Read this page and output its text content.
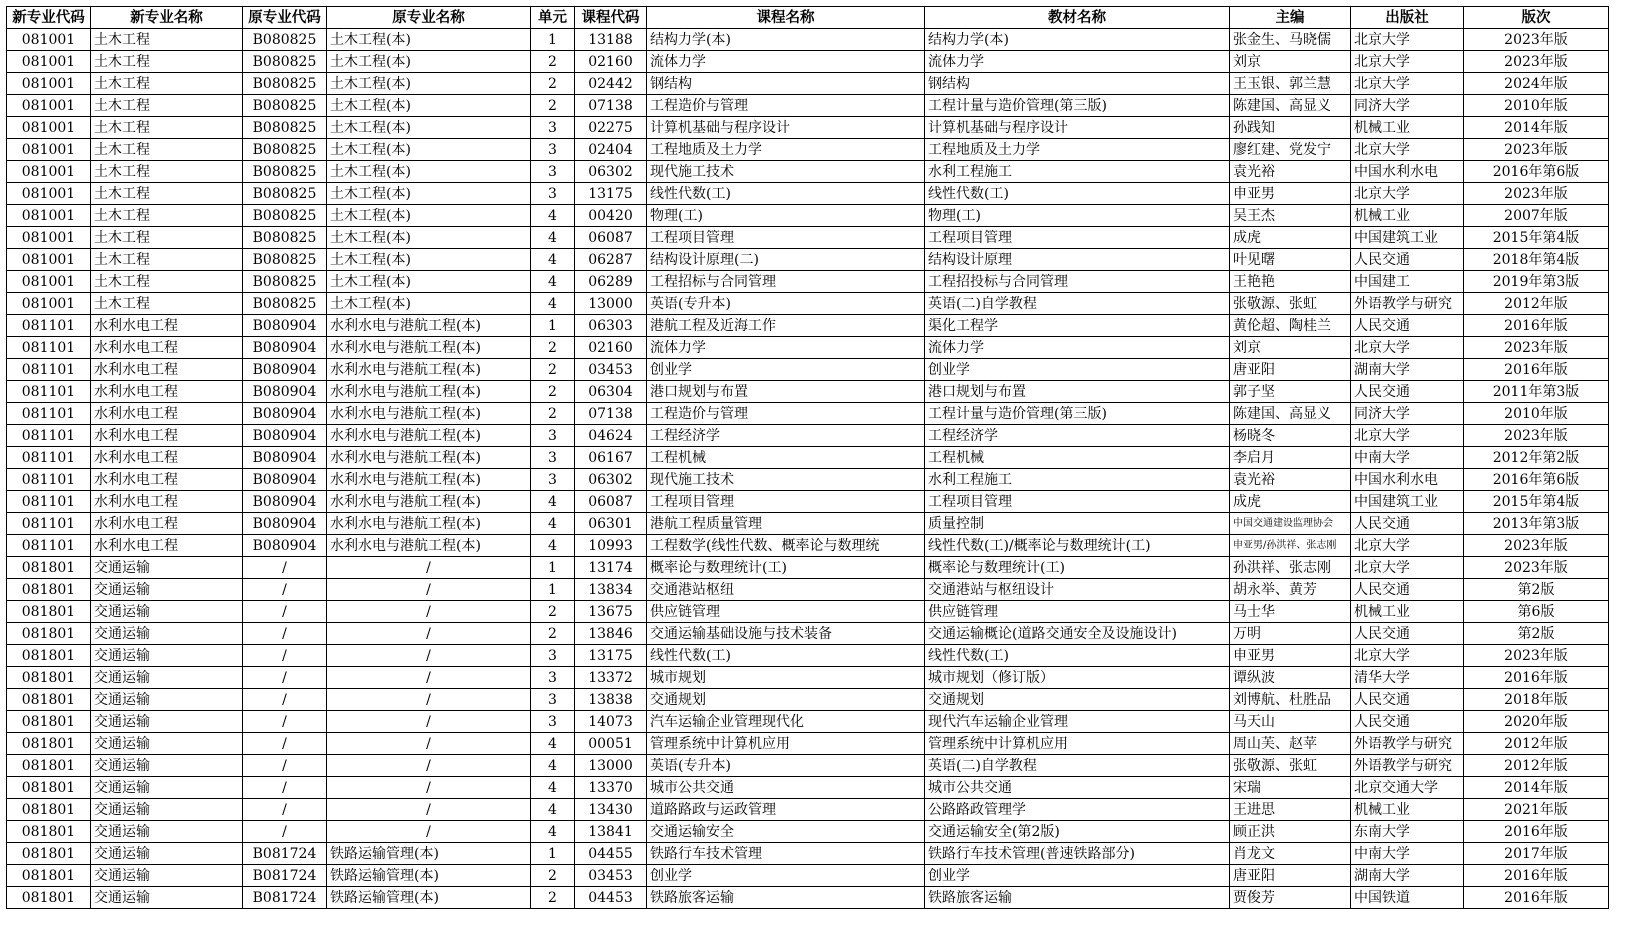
新专业代码	新专业名称	原专业代码	原专业名称	单元	课程代码	课程名称	教材名称	主编	出版社	版次
081001	土木工程	B080825	土木工程(本)	1	13188	结构力学(本)	结构力学(本)	张金生、马晓儒	北京大学	2023年版
081001	土木工程	B080825	土木工程(本)	2	02160	流体力学	流体力学	刘京	北京大学	2023年版
081001	土木工程	B080825	土木工程(本)	2	02442	钢结构	钢结构	王玉银、郭兰慧	北京大学	2024年版
081001	土木工程	B080825	土木工程(本)	2	07138	工程造价与管理	工程计量与造价管理(第三版)	陈建国、高显义	同济大学	2010年版
081001	土木工程	B080825	土木工程(本)	3	02275	计算机基础与程序设计	计算机基础与程序设计	孙践知	机械工业	2014年版
081001	土木工程	B080825	土木工程(本)	3	02404	工程地质及土力学	工程地质及土力学	廖红建、党发宁	北京大学	2023年版
081001	土木工程	B080825	土木工程(本)	3	06302	现代施工技术	水利工程施工	袁光裕	中国水利水电	2016年第6版
081001	土木工程	B080825	土木工程(本)	3	13175	线性代数(工)	线性代数(工)	申亚男	北京大学	2023年版
081001	土木工程	B080825	土木工程(本)	4	00420	物理(工)	物理(工)	吴王杰	机械工业	2007年版
081001	土木工程	B080825	土木工程(本)	4	06087	工程项目管理	工程项目管理	成虎	中国建筑工业	2015年第4版
081001	土木工程	B080825	土木工程(本)	4	06287	结构设计原理(二)	结构设计原理	叶见曙	人民交通	2018年第4版
081001	土木工程	B080825	土木工程(本)	4	06289	工程招标与合同管理	工程招投标与合同管理	王艳艳	中国建工	2019年第3版
081001	土木工程	B080825	土木工程(本)	4	13000	英语(专升本)	英语(二)自学教程	张敬源、张虹	外语教学与研究	2012年版
081101	水利水电工程	B080904	水利水电与港航工程(本)	1	06303	港航工程及近海工作	渠化工程学	黄伦超、陶桂兰	人民交通	2016年版
081101	水利水电工程	B080904	水利水电与港航工程(本)	2	02160	流体力学	流体力学	刘京	北京大学	2023年版
081101	水利水电工程	B080904	水利水电与港航工程(本)	2	03453	创业学	创业学	唐亚阳	湖南大学	2016年版
081101	水利水电工程	B080904	水利水电与港航工程(本)	2	06304	港口规划与布置	港口规划与布置	郭子坚	人民交通	2011年第3版
081101	水利水电工程	B080904	水利水电与港航工程(本)	2	07138	工程造价与管理	工程计量与造价管理(第三版)	陈建国、高显义	同济大学	2010年版
081101	水利水电工程	B080904	水利水电与港航工程(本)	3	04624	工程经济学	工程经济学	杨晓冬	北京大学	2023年版
081101	水利水电工程	B080904	水利水电与港航工程(本)	3	06167	工程机械	工程机械	李启月	中南大学	2012年第2版
081101	水利水电工程	B080904	水利水电与港航工程(本)	3	06302	现代施工技术	水利工程施工	袁光裕	中国水利水电	2016年第6版
081101	水利水电工程	B080904	水利水电与港航工程(本)	4	06087	工程项目管理	工程项目管理	成虎	中国建筑工业	2015年第4版
081101	水利水电工程	B080904	水利水电与港航工程(本)	4	06301	港航工程质量管理	质量控制	中国交通建设监理协会	人民交通	2013年第3版
081101	水利水电工程	B080904	水利水电与港航工程(本)	4	10993	工程数学(线性代数、概率论与数理统	线性代数(工)/概率论与数理统计(工)	申亚男/孙洪祥、张志刚	北京大学	2023年版
081801	交通运输	/	/	1	13174	概率论与数理统计(工)	概率论与数理统计(工)	孙洪祥、张志刚	北京大学	2023年版
081801	交通运输	/	/	1	13834	交通港站枢纽	交通港站与枢纽设计	胡永举、黄芳	人民交通	第2版
081801	交通运输	/	/	2	13675	供应链管理	供应链管理	马士华	机械工业	第6版
081801	交通运输	/	/	2	13846	交通运输基础设施与技术装备	交通运输概论(道路交通安全及设施设计)	万明	人民交通	第2版
081801	交通运输	/	/	3	13175	线性代数(工)	线性代数(工)	申亚男	北京大学	2023年版
081801	交通运输	/	/	3	13372	城市规划	城市规划（修订版）	谭纵波	清华大学	2016年版
081801	交通运输	/	/	3	13838	交通规划	交通规划	刘博航、杜胜品	人民交通	2018年版
081801	交通运输	/	/	3	14073	汽车运输企业管理现代化	现代汽车运输企业管理	马天山	人民交通	2020年版
081801	交通运输	/	/	4	00051	管理系统中计算机应用	管理系统中计算机应用	周山芙、赵苹	外语教学与研究	2012年版
081801	交通运输	/	/	4	13000	英语(专升本)	英语(二)自学教程	张敬源、张虹	外语教学与研究	2012年版
081801	交通运输	/	/	4	13370	城市公共交通	城市公共交通	宋瑞	北京交通大学	2014年版
081801	交通运输	/	/	4	13430	道路路政与运政管理	公路路政管理学	王进思	机械工业	2021年版
081801	交通运输	/	/	4	13841	交通运输安全	交通运输安全(第2版)	顾正洪	东南大学	2016年版
081801	交通运输	B081724	铁路运输管理(本)	1	04455	铁路行车技术管理	铁路行车技术管理(普速铁路部分)	肖龙文	中南大学	2017年版
081801	交通运输	B081724	铁路运输管理(本)	2	03453	创业学	创业学	唐亚阳	湖南大学	2016年版
081801	交通运输	B081724	铁路运输管理(本)	2	04453	铁路旅客运输	铁路旅客运输	贾俊芳	中国铁道	2016年版
